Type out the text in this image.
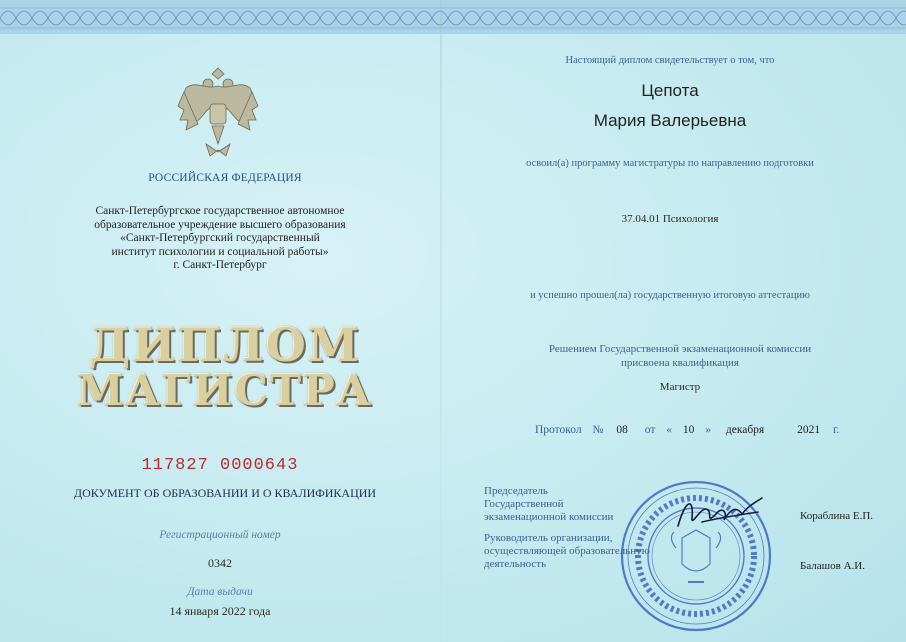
РОССИЙСКАЯ ФЕДЕРАЦИЯ
Санкт-Петербургское государственное автономное
образовательное учреждение высшего образования
«Санкт-Петербургский государственный
институт психологии и социальной работы»
г. Санкт-Петербург
ДИПЛОМ
МАГИСТРА
117827 0000643
ДОКУМЕНТ ОБ ОБРАЗОВАНИИ И О КВАЛИФИКАЦИИ
Регистрационный номер
0342
Дата выдачи
14 января 2022 года
Настоящий диплом свидетельствует о том, что
Цепота
Мария Валерьевна
освоил(а) программу магистратуры по направлению подготовки
37.04.01 Психология
и успешно прошел(ла) государственную итоговую аттестацию
Решением Государственной экзаменационной комиссии
присвоена квалификация
Магистр
Протокол № 08 от « 10 » декабря	2021 г.
Председатель
Государственной
экзаменационной комиссии	Кораблина Е.П.
Руководитель организации,
осуществляющей образовательную
деятельность	Балашов А.И.
